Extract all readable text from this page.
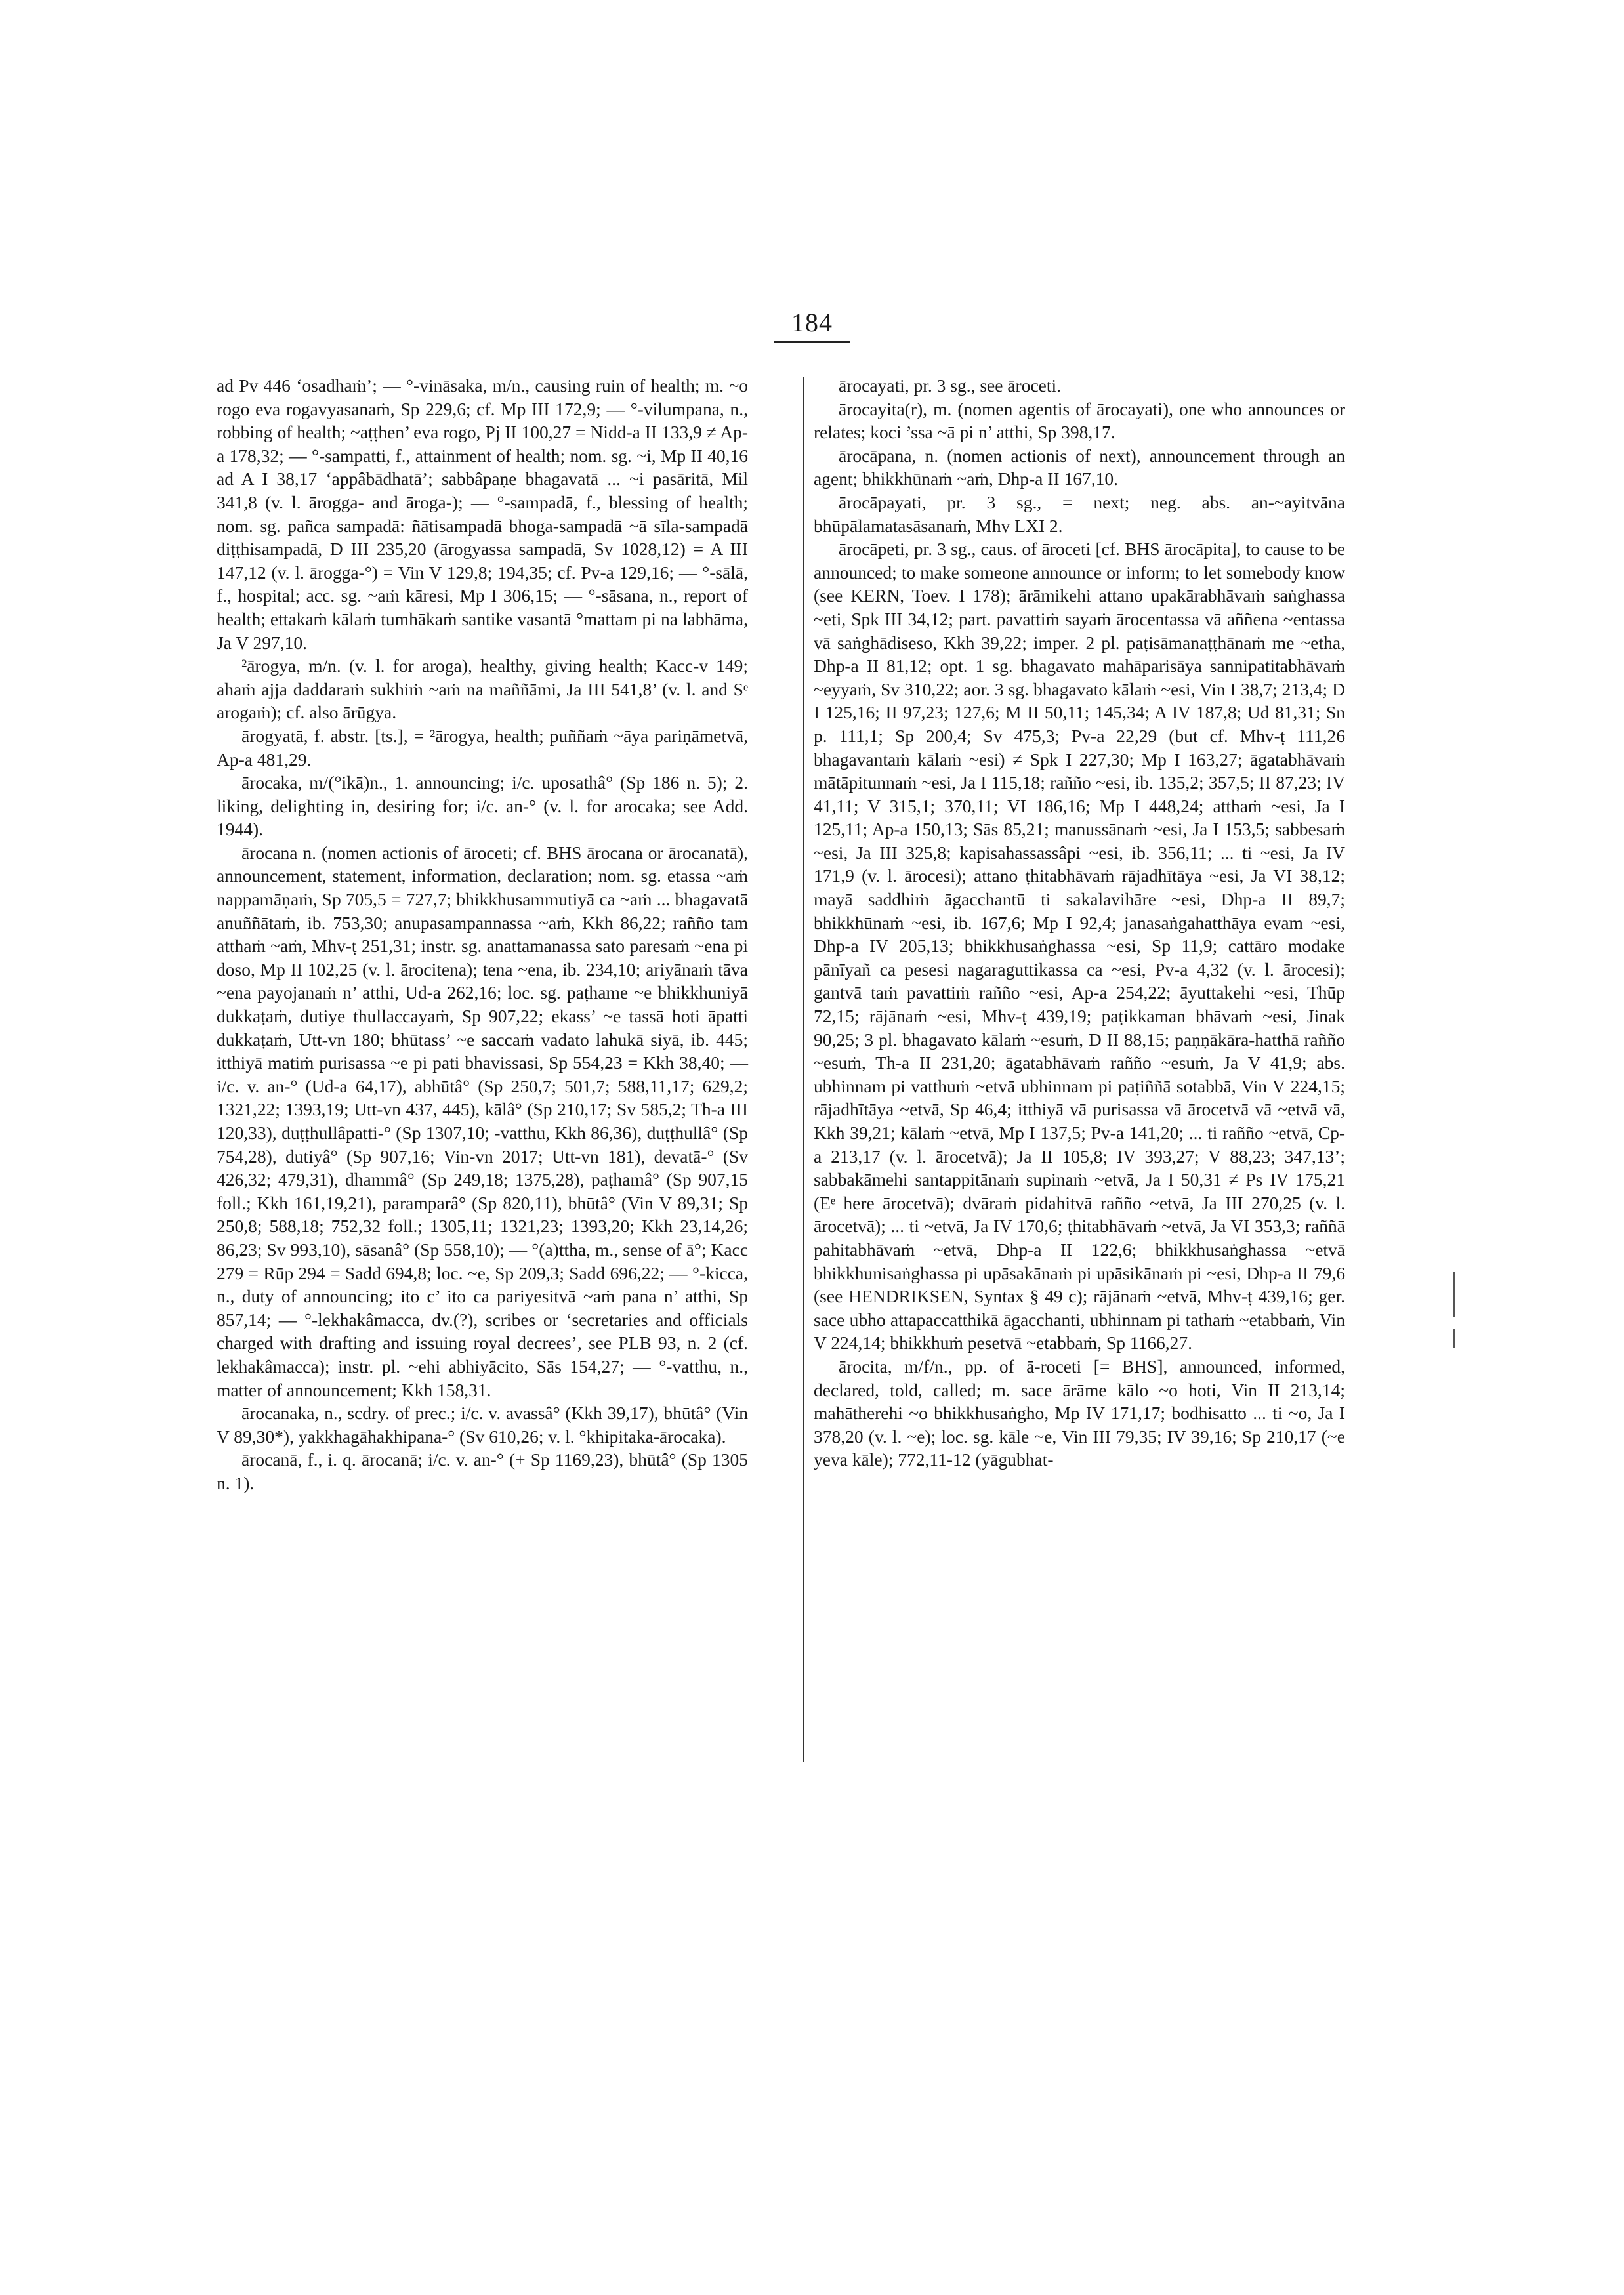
184

ad Pv 446 ‘osadhaṁ’; — °-vināsaka, m/n., causing ruin of health; m. ~o rogo eva rogavyasanaṁ, Sp 229,6; cf. Mp III 172,9; — °-vilumpana, n., robbing of health; ~aṭṭhen’ eva rogo, Pj II 100,27 = Nidd-a II 133,9 ≠ Ap-a 178,32; — °-sampatti, f., attainment of health; nom. sg. ~i, Mp II 40,16 ad A I 38,17 ‘appâbādhatā’; sabbâpaṇe bhagavatā ... ~i pasāritā, Mil 341,8 (v. l. ārogga- and āroga-); — °-sampadā, f., blessing of health; nom. sg. pañca sampadā: ñātisampadā bhoga-sampadā ~ā sīla-sampadā diṭṭhisampadā, D III 235,20 (ārogyassa sampadā, Sv 1028,12) = A III 147,12 (v. l. ārogga-°) = Vin V 129,8; 194,35; cf. Pv-a 129,16; — °-sālā, f., hospital; acc. sg. ~aṁ kāresi, Mp I 306,15; — °-sāsana, n., report of health; ettakaṁ kālaṁ tumhākaṁ santike vasantā °mattam pi na labhāma, Ja V 297,10.

²ārogya, m/n. (v. l. for aroga), healthy, giving health; Kacc-v 149; ahaṁ ajja daddaraṁ sukhiṁ ~aṁ na maññāmi, Ja III 541,8’ (v. l. and Sᵉ arogaṁ); cf. also ārūgya.

ārogyatā, f. abstr. [ts.], = ²ārogya, health; puññaṁ ~āya pariṇāmetvā, Ap-a 481,29.

ārocaka, m/(°ikā)n., 1. announcing; i/c. uposathâ° (Sp 186 n. 5); 2. liking, delighting in, desiring for; i/c. an-° (v. l. for arocaka; see Add. 1944).

ārocana n. (nomen actionis of āroceti; cf. BHS ārocana or ārocanatā), announcement, statement, information, declaration; nom. sg. etassa ~aṁ nappamāṇaṁ, Sp 705,5 = 727,7; bhikkhusammutiyā ca ~aṁ ... bhagavatā anuññātaṁ, ib. 753,30; anupasampannassa ~aṁ, Kkh 86,22; rañño tam atthaṁ ~aṁ, Mhv-ṭ 251,31; instr. sg. anattamanassa sato paresaṁ ~ena pi doso, Mp II 102,25 (v. l. ārocitena); tena ~ena, ib. 234,10; ariyānaṁ tāva ~ena payojanaṁ n’ atthi, Ud-a 262,16; loc. sg. paṭhame ~e bhikkhuniyā dukkaṭaṁ, dutiye thullaccayaṁ, Sp 907,22; ekass’ ~e tassā hoti āpatti dukkaṭaṁ, Utt-vn 180; bhūtass’ ~e saccaṁ vadato lahukā siyā, ib. 445; itthiyā matiṁ purisassa ~e pi pati bhavissasi, Sp 554,23 = Kkh 38,40; — i/c. v. an-° (Ud-a 64,17), abhūtâ° (Sp 250,7; 501,7; 588,11,17; 629,2; 1321,22; 1393,19; Utt-vn 437, 445), kālâ° (Sp 210,17; Sv 585,2; Th-a III 120,33), duṭṭhullâpatti-° (Sp 1307,10; -vatthu, Kkh 86,36), duṭṭhullâ° (Sp 754,28), dutiyâ° (Sp 907,16; Vin-vn 2017; Utt-vn 181), devatā-° (Sv 426,32; 479,31), dhammâ° (Sp 249,18; 1375,28), paṭhamâ° (Sp 907,15 foll.; Kkh 161,19,21), paramparâ° (Sp 820,11), bhūtâ° (Vin V 89,31; Sp 250,8; 588,18; 752,32 foll.; 1305,11; 1321,23; 1393,20; Kkh 23,14,26; 86,23; Sv 993,10), sāsanâ° (Sp 558,10); — °(a)ttha, m., sense of ā°; Kacc 279 = Rūp 294 = Sadd 694,8; loc. ~e, Sp 209,3; Sadd 696,22; — °-kicca, n., duty of announcing; ito c’ ito ca pariyesitvā ~aṁ pana n’ atthi, Sp 857,14; — °-lekhakâmacca, dv.(?), scribes or ‘secretaries and officials charged with drafting and issuing royal decrees’, see PLB 93, n. 2 (cf. lekhakâmacca); instr. pl. ~ehi abhiyācito, Sās 154,27; — °-vatthu, n., matter of announcement; Kkh 158,31.

ārocanaka, n., scdry. of prec.; i/c. v. avassâ° (Kkh 39,17), bhūtâ° (Vin V 89,30*), yakkhagāhakhipana-° (Sv 610,26; v. l. °khipitaka-ārocaka).

ārocanā, f., i. q. ārocanā; i/c. v. an-° (+ Sp 1169,23), bhūtâ° (Sp 1305 n. 1).

ārocayati, pr. 3 sg., see āroceti.

ārocayita(r), m. (nomen agentis of ārocayati), one who announces or relates; koci ’ssa ~ā pi n’ atthi, Sp 398,17.

ārocāpana, n. (nomen actionis of next), announcement through an agent; bhikkhūnaṁ ~aṁ, Dhp-a II 167,10.

ārocāpayati, pr. 3 sg., = next; neg. abs. an-~ayitvāna bhūpālamatasāsanaṁ, Mhv LXI 2.

ārocāpeti, pr. 3 sg., caus. of āroceti [cf. BHS ārocāpita], to cause to be announced; to make someone announce or inform; to let somebody know (see KERN, Toev. I 178); ārāmikehi attano upakārabhāvaṁ saṅghassa ~eti, Spk III 34,12; part. pavattiṁ sayaṁ ārocentassa vā aññena ~entassa vā saṅghādiseso, Kkh 39,22; imper. 2 pl. paṭisāmanaṭṭhānaṁ me ~etha, Dhp-a II 81,12; opt. 1 sg. bhagavato mahāparisāya sannipatitabhāvaṁ ~eyyaṁ, Sv 310,22; aor. 3 sg. bhagavato kālaṁ ~esi, Vin I 38,7; 213,4; D I 125,16; II 97,23; 127,6; M II 50,11; 145,34; A IV 187,8; Ud 81,31; Sn p. 111,1; Sp 200,4; Sv 475,3; Pv-a 22,29 (but cf. Mhv-ṭ 111,26 bhagavantaṁ kālaṁ ~esi) ≠ Spk I 227,30; Mp I 163,27; āgatabhāvaṁ mātāpitunnaṁ ~esi, Ja I 115,18; rañño ~esi, ib. 135,2; 357,5; II 87,23; IV 41,11; V 315,1; 370,11; VI 186,16; Mp I 448,24; atthaṁ ~esi, Ja I 125,11; Ap-a 150,13; Sās 85,21; manussānaṁ ~esi, Ja I 153,5; sabbesaṁ ~esi, Ja III 325,8; kapisahassassâpi ~esi, ib. 356,11; ... ti ~esi, Ja IV 171,9 (v. l. ārocesi); attano ṭhitabhāvaṁ rājadhītāya ~esi, Ja VI 38,12; mayā saddhiṁ āgacchantū ti sakalavihāre ~esi, Dhp-a II 89,7; bhikkhūnaṁ ~esi, ib. 167,6; Mp I 92,4; janasaṅgahatthāya evam ~esi, Dhp-a IV 205,13; bhikkhusaṅghassa ~esi, Sp 11,9; cattāro modake pānīyañ ca pesesi nagaraguttikassa ca ~esi, Pv-a 4,32 (v. l. ārocesi); gantvā taṁ pavattiṁ rañño ~esi, Ap-a 254,22; āyuttakehi ~esi, Thūp 72,15; rājānaṁ ~esi, Mhv-ṭ 439,19; paṭikkaman bhāvaṁ ~esi, Jinak 90,25; 3 pl. bhagavato kālaṁ ~esuṁ, D II 88,15; paṇṇākāra-hatthā rañño ~esuṁ, Th-a II 231,20; āgatabhāvaṁ rañño ~esuṁ, Ja V 41,9; abs. ubhinnam pi vatthuṁ ~etvā ubhinnam pi paṭiññā sotabbā, Vin V 224,15; rājadhītāya ~etvā, Sp 46,4; itthiyā vā purisassa vā ārocetvā vā ~etvā vā, Kkh 39,21; kālaṁ ~etvā, Mp I 137,5; Pv-a 141,20; ... ti rañño ~etvā, Cp-a 213,17 (v. l. ārocetvā); Ja II 105,8; IV 393,27; V 88,23; 347,13’; sabbakāmehi santappitānaṁ supinaṁ ~etvā, Ja I 50,31 ≠ Ps IV 175,21 (Eᵉ here ārocetvā); dvāraṁ pidahitvā rañño ~etvā, Ja III 270,25 (v. l. ārocetvā); ... ti ~etvā, Ja IV 170,6; ṭhitabhāvaṁ ~etvā, Ja VI 353,3; raññā pahitabhāvaṁ ~etvā, Dhp-a II 122,6; bhikkhusaṅghassa ~etvā bhikkhunisaṅghassa pi upāsakānaṁ pi upāsikānaṁ pi ~esi, Dhp-a II 79,6 (see HENDRIKSEN, Syntax § 49 c); rājānaṁ ~etvā, Mhv-ṭ 439,16; ger. sace ubho attapaccatthikā āgacchanti, ubhinnam pi tathaṁ ~etabbaṁ, Vin V 224,14; bhikkhuṁ pesetvā ~etabbaṁ, Sp 1166,27.

ārocita, m/f/n., pp. of ā-roceti [= BHS], announced, informed, declared, told, called; m. sace ārāme kālo ~o hoti, Vin II 213,14; mahātherehi ~o bhikkhusaṅgho, Mp IV 171,17; bodhisatto ... ti ~o, Ja I 378,20 (v. l. ~e); loc. sg. kāle ~e, Vin III 79,35; IV 39,16; Sp 210,17 (~e yeva kāle); 772,11-12 (yāgubhat-
